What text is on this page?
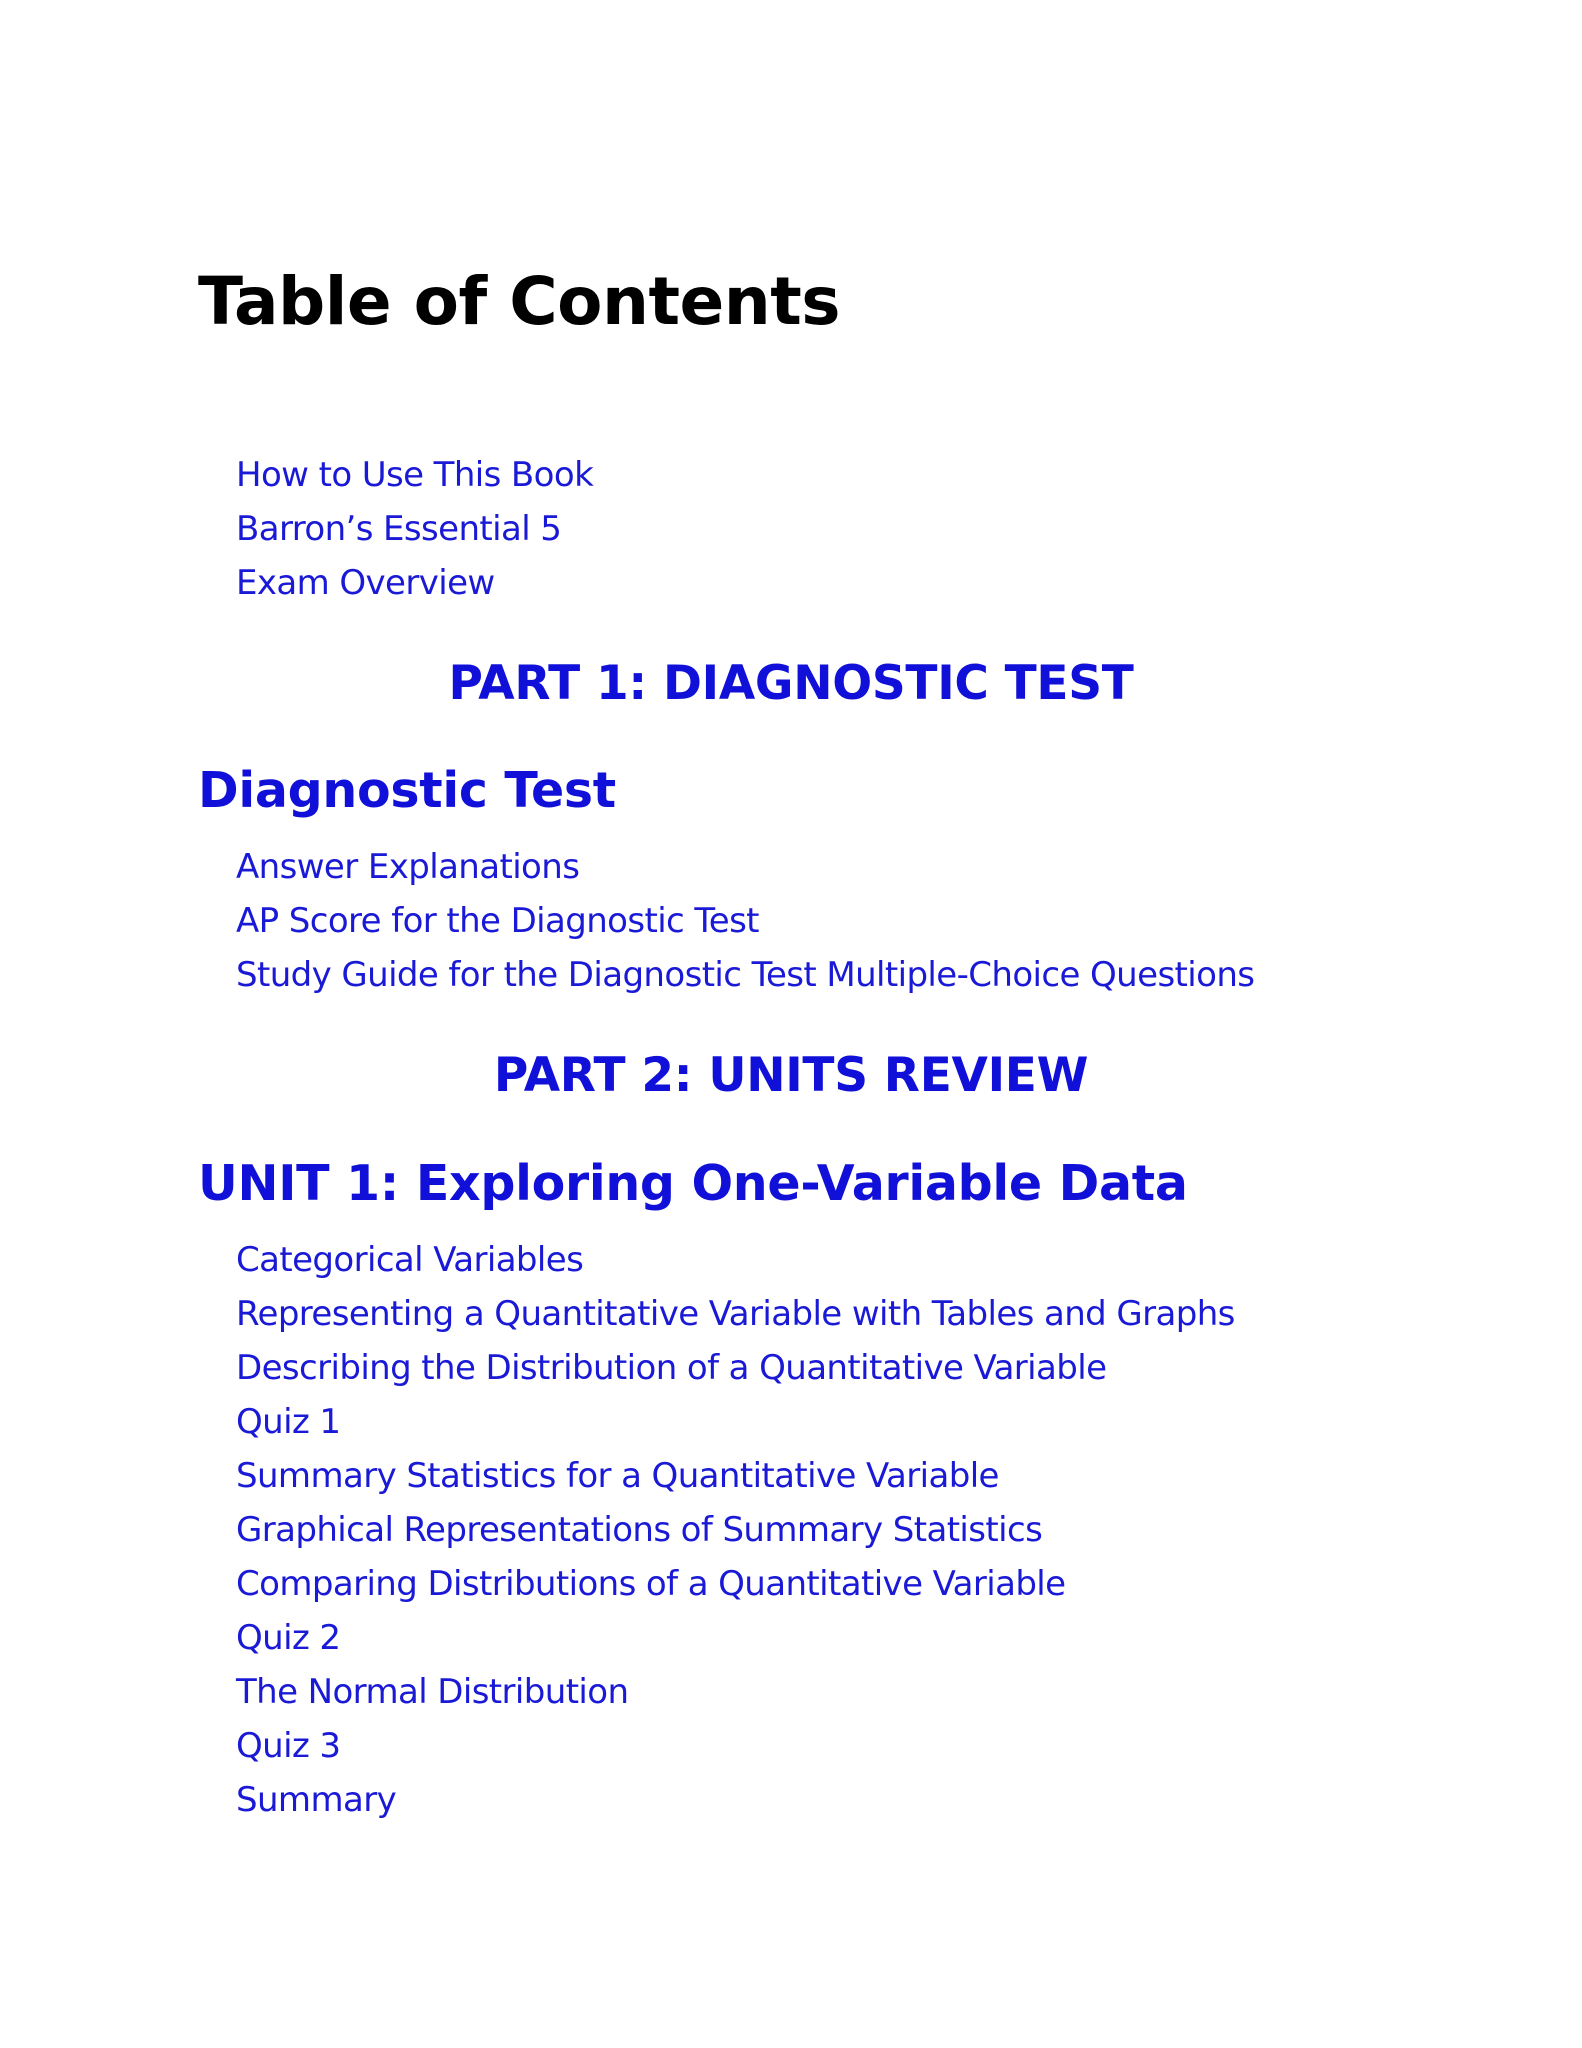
Table of Contents
How to Use This Book
Barron’s Essential 5
Exam Overview
PART 1: DIAGNOSTIC TEST
Diagnostic Test
Answer Explanations
AP Score for the Diagnostic Test
Study Guide for the Diagnostic Test Multiple-Choice Questions
PART 2: UNITS REVIEW
UNIT 1: Exploring One-Variable Data
Categorical Variables
Representing a Quantitative Variable with Tables and Graphs
Describing the Distribution of a Quantitative Variable
Quiz 1
Summary Statistics for a Quantitative Variable
Graphical Representations of Summary Statistics
Comparing Distributions of a Quantitative Variable
Quiz 2
The Normal Distribution
Quiz 3
Summary
